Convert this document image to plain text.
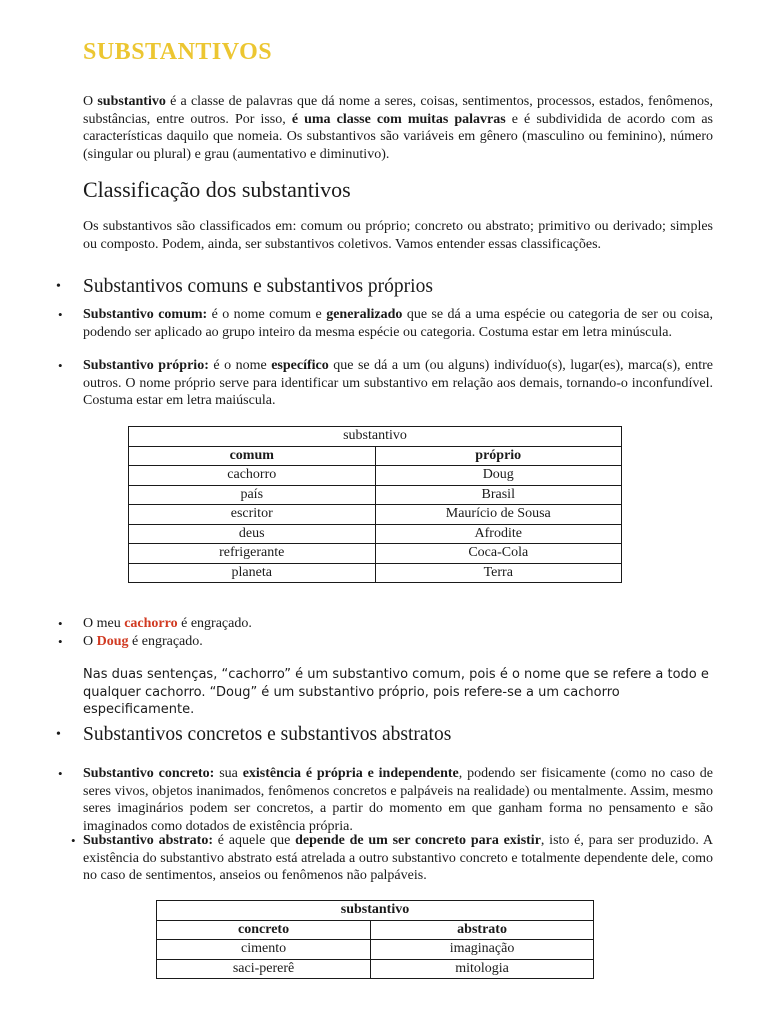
SUBSTANTIVOS

O substantivo é a classe de palavras que dá nome a seres, coisas, sentimentos, processos, estados, fenômenos, substâncias, entre outros. Por isso, é uma classe com muitas palavras e é subdividida de acordo com as características daquilo que nomeia. Os substantivos são variáveis em gênero (masculino ou feminino), número (singular ou plural) e grau (aumentativo e diminutivo).

Classificação dos substantivos

Os substantivos são classificados em: comum ou próprio; concreto ou abstrato; primitivo ou derivado; simples ou composto. Podem, ainda, ser substantivos coletivos. Vamos entender essas classificações.

• Substantivos comuns e substantivos próprios
• Substantivo comum: é o nome comum e generalizado que se dá a uma espécie ou categoria de ser ou coisa, podendo ser aplicado ao grupo inteiro da mesma espécie ou categoria. Costuma estar em letra minúscula.

• Substantivo próprio: é o nome específico que se dá a um (ou alguns) indivíduo(s), lugar(es), marca(s), entre outros. O nome próprio serve para identificar um substantivo em relação aos demais, tornando-o inconfundível. Costuma estar em letra maiúscula.

substantivo	
comum	próprio
cachorro	Doug
país	Brasil
escritor	Maurício de Sousa
deus	Afrodite
refrigerante	Coca-Cola
planeta	Terra
• O meu cachorro é engraçado.

• O Doug é engraçado.

Nas duas sentenças, “cachorro” é um substantivo comum, pois é o nome que se refere a todo e qualquer cachorro. “Doug” é um substantivo próprio, pois refere-se a um cachorro especificamente.

• Substantivos concretos e substantivos abstratos
• Substantivo concreto: sua existência é própria e independente, podendo ser fisicamente (como no caso de seres vivos, objetos inanimados, fenômenos concretos e palpáveis na realidade) ou mentalmente. Assim, mesmo seres imaginários podem ser concretos, a partir do momento em que ganham forma no pensamento e são imaginados como dotados de existência própria.

• Substantivo abstrato: é aquele que depende de um ser concreto para existir, isto é, para ser produzido. A existência do substantivo abstrato está atrelada a outro substantivo concreto e totalmente dependente dele, como no caso de sentimentos, anseios ou fenômenos não palpáveis.

substantivo	
concreto	abstrato
cimento	imaginação
saci-pererê	mitologia
